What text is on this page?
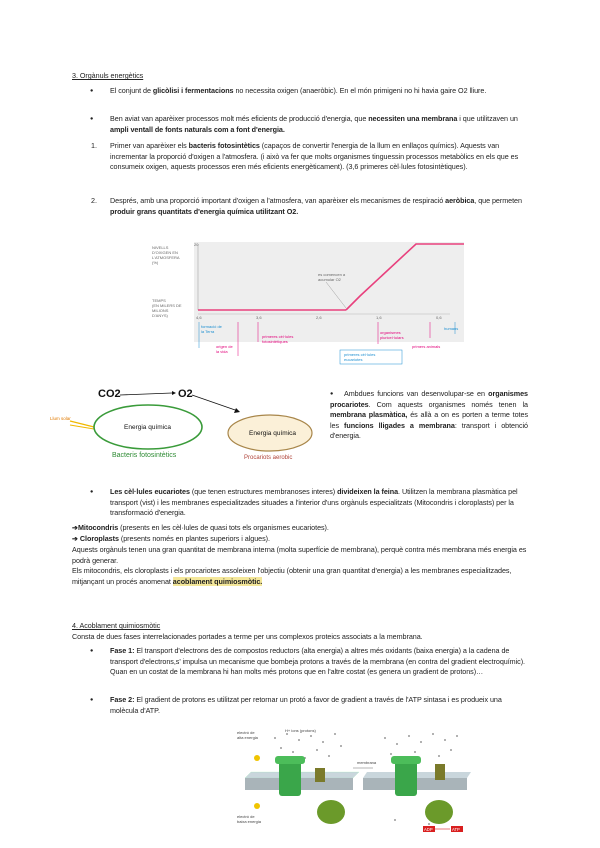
3. Orgànuls energètics
● El conjunt de glicòlisi i fermentacions no necessita oxigen (anaeròbic). En el món primigeni no hi havia gaire O2 lliure.
● Ben aviat van aparèixer processos molt més eficients de producció d'energia, que necessiten una membrana i que utilitzaven un ampli ventall de fonts naturals com a font d'energia.
1. Primer van aparèixer els bacteris fotosintètics (capaços de convertir l'energia de la llum en enllaços químics). Aquests van incrementar la proporció d'oxigen a l'atmosfera. (i això va fer que molts organismes tinguessin processos metabòlics en els que es consumeix oxigen, aquests processos eren més eficients energèticament). (3,6 primeres cèl·lules fotosintètiques).
2. Després, amb una proporció important d'oxigen a l'atmosfera, van aparèixer els mecanismes de respiració aeròbica, que permeten produir grans quantitats d'energia química utilitzant O2.
NIVELLS
D'OXIGEN EN
L'ATMOSFERA
(%)
20
TEMPS
(EN MILERS DE
MILIONS
D'ANYS)
es comencen a
acumular O2
4,6	3,6	2,6	1,6	0,6
formació de
la Terra
origen de
la vida
primeres cèl·lules
fotosintètiques
organismes
pluricel·lulars
primers animals
humans
primeres cèl·lules
eucariotes
CO2	O2
Llum solar
Energia química
Energia química
Bacteris fotosintètics	Procariots aerobic
● Ambdues funcions van desenvolupar-se en organismes procariotes. Com aquests organismes només tenen la membrana plasmàtica, és allà a on es porten a terme totes les funcions lligades a membrana: transport i obtenció d'energia.
● Les cèl·lules eucariotes (que tenen estructures membranoses interes) divideixen la feina. Utilitzen la membrana plasmàtica pel transport (vist) i les membranes especialitzades situades a l'interior d'uns orgànuls especialitzats (Mitocondris i cloroplasts) per la transformació d'energia.
➔Mitocondris (presents en les cèl·lules de quasi tots els organismes eucariotes).
➔ Cloroplasts (presents només en plantes superiors i algues).
Aquests orgànuls tenen una gran quantitat de membrana interna (molta superfície de membrana), perquè contra més membrana més energia es podrà generar.
Els mitocondris, els cloroplasts i els procariotes assoleixen l'objectiu (obtenir una gran quantitat d'energia) a les membranes especialitzades, mitjançant un procés anomenat acoblament quimiosmòtic.
4. Acoblament quimiosmòtic
Consta de dues fases interrelacionades portades a terme per uns complexos proteics associats a la membrana.
● Fase 1: El transport d'electrons des de compostos reductors (alta energia) a altres més oxidants (baixa energia) a la cadena de transport d'electrons,s' impulsa un mecanisme que bombeja protons a través de la membrana (en contra del gradient electroquímic). Quan en un costat de la membrana hi han molts més protons que en l'altre costat (es genera un gradient de protons)…
● Fase 2: El gradient de protons es utilitzat per retornar un protó a favor de gradient a través de l'ATP sintasa i es produeix una molècula d'ATP.
electró de
alta energia
H+ ions (protons)
electró de
baixa energia
membrana
ADP	ATP
